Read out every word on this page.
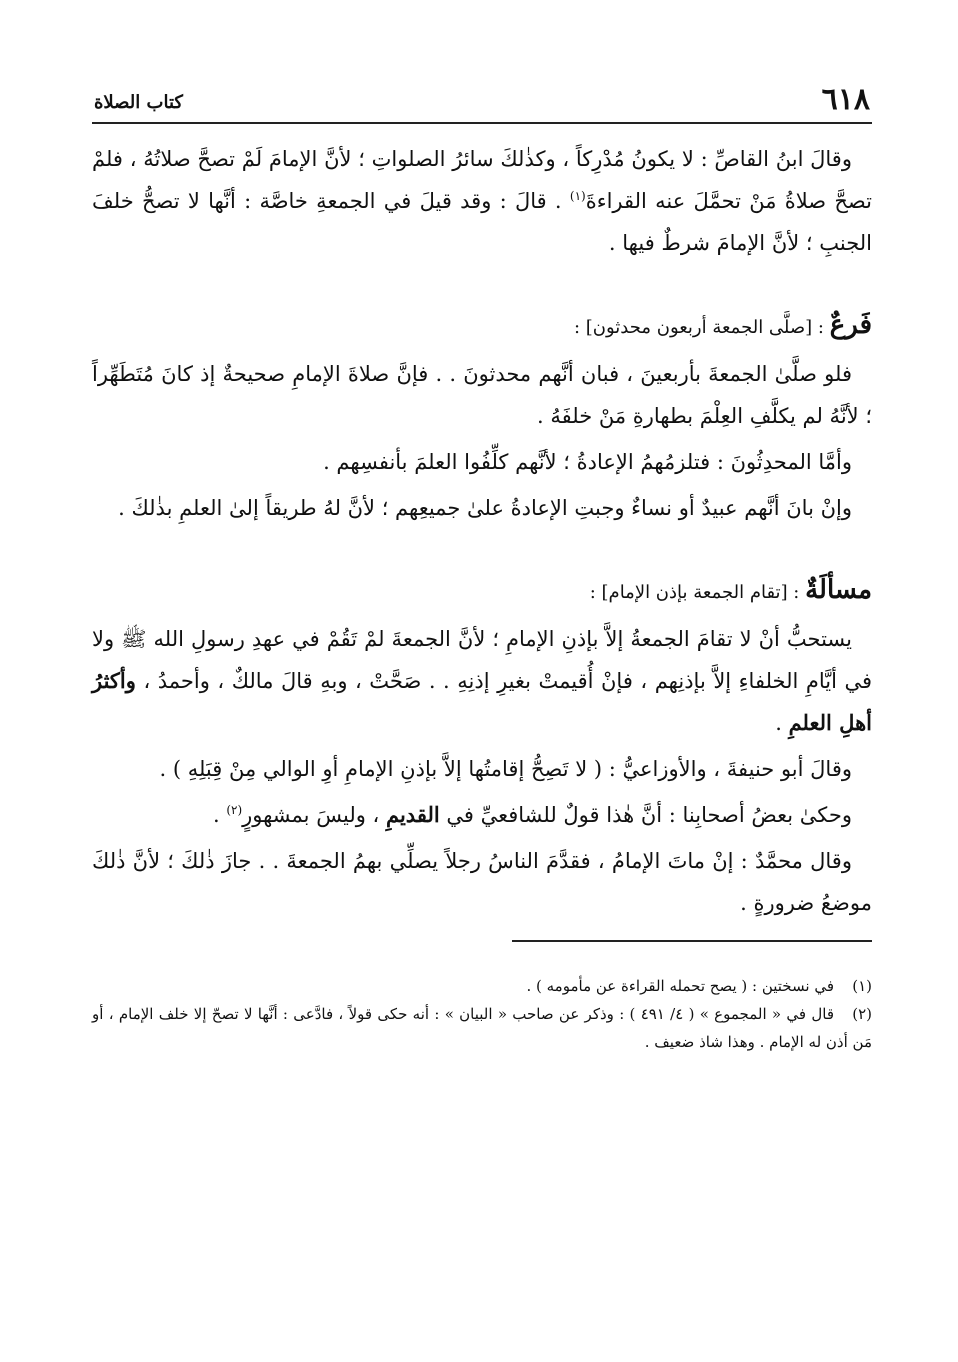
٦١٨
كتاب الصلاة

وقالَ ابنُ القاصِّ : لا يكونُ مُدْرِكاً ، وكذٰلكَ سائرُ الصلواتِ ؛ لأنَّ الإمامَ لَمْ تصحَّ صلاتُهُ ، فلمْ تصحَّ صلاةُ مَنْ تحمَّلَ عنه القراءةَ$^{(١)}$ . قالَ : وقد قيلَ في الجمعةِ خاصَّة : أنَّها لا تصحُّ خلفَ الجنبِ ؛ لأنَّ الإمامَ شرطٌ فيها .

فَرعٌ : [صلَّى الجمعة أربعون محدثون] :

فلو صلَّىٰ الجمعةَ بأربعينَ ، فبان أنَّهم محدثونَ . . فإنَّ صلاةَ الإمامِ صحيحةٌ إذ كانَ مُتَطَهِّراً ؛ لأنَّهُ لم يكلَّفِ العِلْمَ بطهارةِ مَنْ خلفَهُ .

وأمَّا المحدِثُونَ : فتلزمُهمُ الإعادةُ ؛ لأنَّهم كلِّفُوا العلمَ بأنفسِهم .

وإنْ بانَ أنَّهم عبيدٌ أو نساءٌ وجبتِ الإعادةُ علىٰ جميعِهم ؛ لأنَّ لهُ طريقاً إلىٰ العلمِ بذٰلكَ .

مسألَةٌ : [تقام الجمعة بإذن الإمام] :

يستحبُّ أنْ لا تقامَ الجمعةُ إلاَّ بإذنِ الإمامِ ؛ لأنَّ الجمعةَ لمْ تَقُمْ في عهدِ رسولِ الله ﷺ ولا في أيَّامِ الخلفاءِ إلاَّ بإذنِهم ، فإنْ أُقيمتْ بغيرِ إذنِهِ . . صَحَّتْ ، وبهِ قالَ مالكٌ ، وأحمدُ ، وأكثرُ أهلِ العلمِ .

وقالَ أبو حنيفةَ ، والأوزاعيُّ : ( لا تَصِحُّ إقامتُها إلاَّ بإذنِ الإمامِ أوِ الوالي مِنْ قِبَلِهِ ) .

وحكىٰ بعضُ أصحابِنا : أنَّ هٰذا قولٌ للشافعيِّ في القديمِ ، وليسَ بمشهورٍ$^{(٢)}$ .

وقال محمَّدٌ : إنْ ماتَ الإمامُ ، فقدَّمَ الناسُ رجلاً يصلِّي بهمُ الجمعةَ . . جازَ ذٰلكَ ؛ لأنَّ ذٰلكَ موضعُ ضرورةٍ .

(١)في نسختين : ( يصح تحمله القراءة عن مأمومه ) .

(٢)قال في « المجموع » ( ٤/ ٤٩١ ) : وذكر عن صاحب « البيان » : أنه حكى قولاً ، فادَّعى : أنَّها لا تصحّ إلا خلف الإمام ، أو مَن أذن له الإمام . وهذا شاذ ضعيف .
